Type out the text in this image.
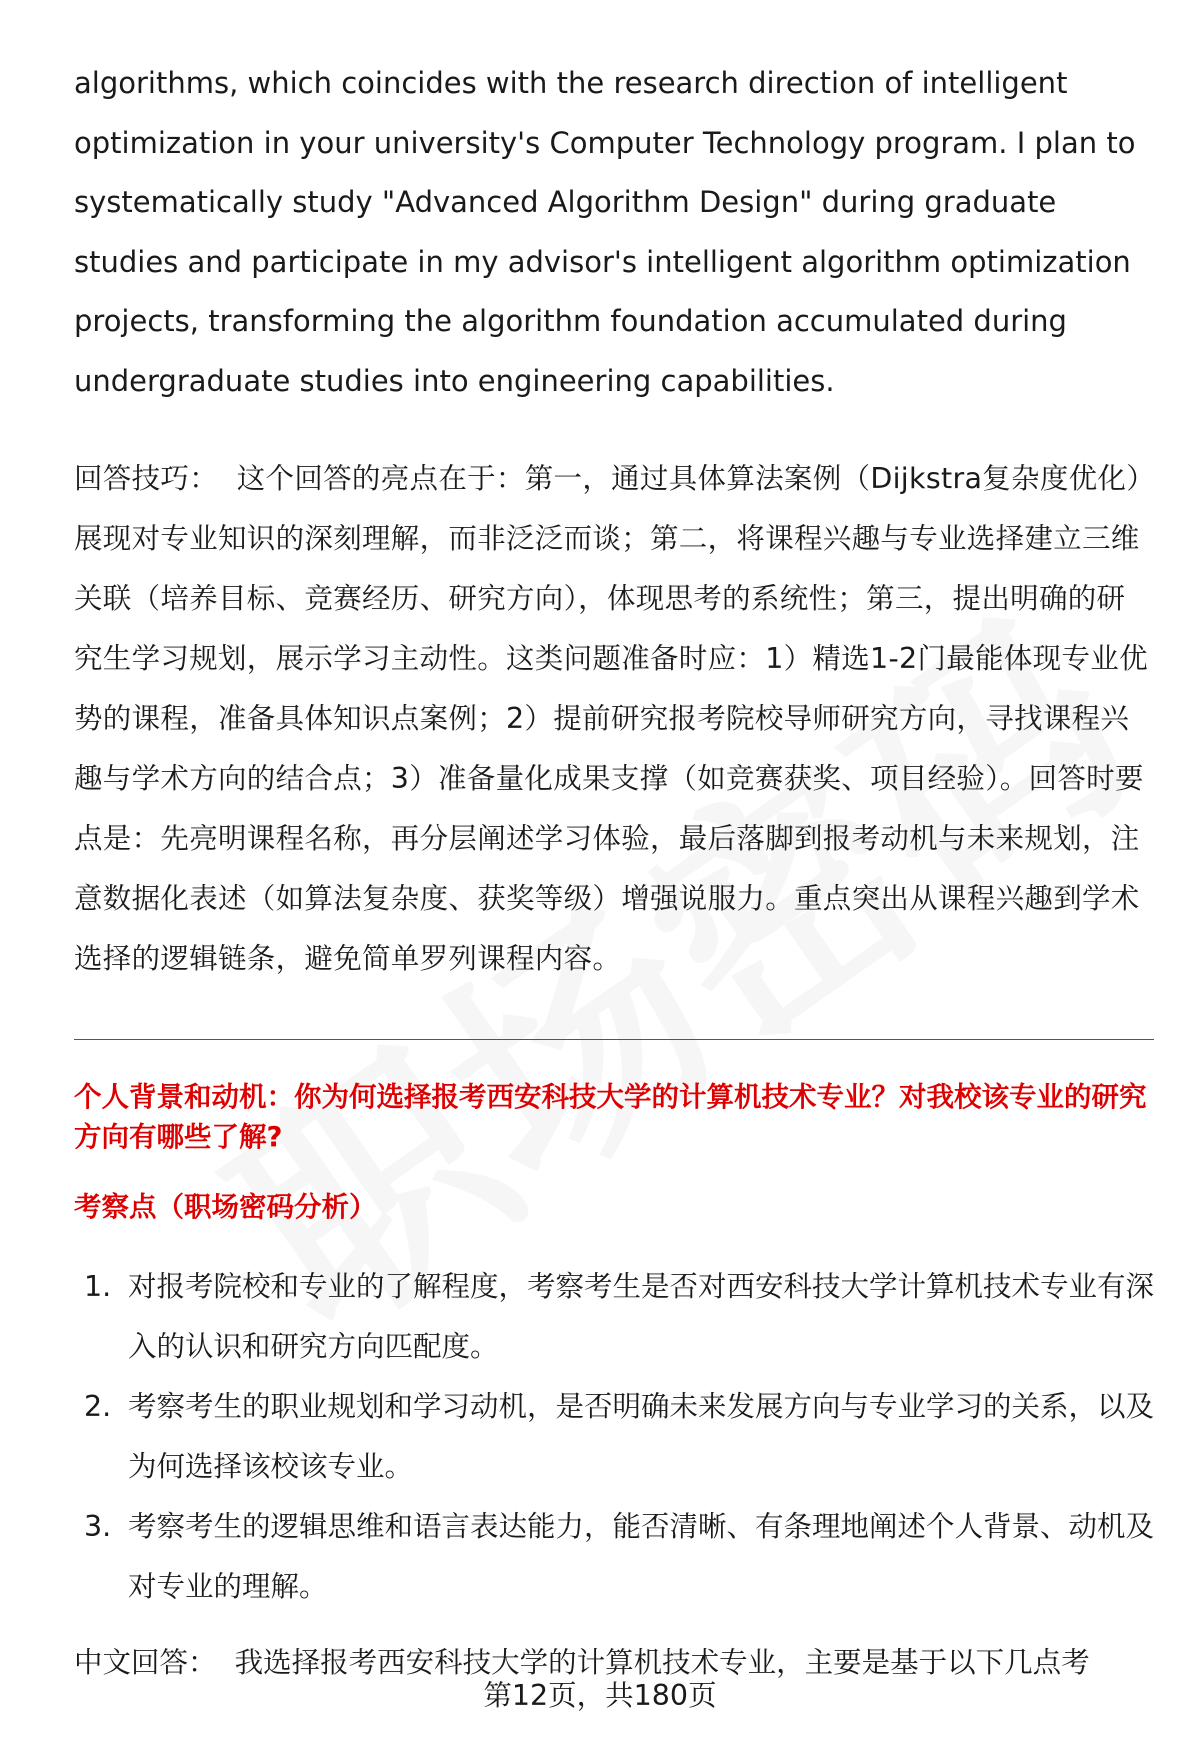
algorithms, which coincides with the research direction of intelligent optimization in your university's Computer Technology program. I plan to systematically study "Advanced Algorithm Design" during graduate studies and participate in my advisor's intelligent algorithm optimization projects, transforming the algorithm foundation accumulated during undergraduate studies into engineering capabilities.

回答技巧： 这个回答的亮点在于：第一，通过具体算法案例（Dijkstra复杂度优化）展现对专业知识的深刻理解，而非泛泛而谈；第二，将课程兴趣与专业选择建立三维关联（培养目标、竞赛经历、研究方向），体现思考的系统性；第三，提出明确的研究生学习规划，展示学习主动性。这类问题准备时应：1）精选1-2门最能体现专业优势的课程，准备具体知识点案例；2）提前研究报考院校导师研究方向，寻找课程兴趣与学术方向的结合点；3）准备量化成果支撑（如竞赛获奖、项目经验）。回答时要点是：先亮明课程名称，再分层阐述学习体验，最后落脚到报考动机与未来规划，注意数据化表述（如算法复杂度、获奖等级）增强说服力。重点突出从课程兴趣到学术选择的逻辑链条，避免简单罗列课程内容。

个人背景和动机：你为何选择报考西安科技大学的计算机技术专业？对我校该专业的研究方向有哪些了解?
考察点（职场密码分析）
1. 对报考院校和专业的了解程度，考察考生是否对西安科技大学计算机技术专业有深入的认识和研究方向匹配度。
2. 考察考生的职业规划和学习动机，是否明确未来发展方向与专业学习的关系，以及为何选择该校该专业。
3. 考察考生的逻辑思维和语言表达能力，能否清晰、有条理地阐述个人背景、动机及对专业的理解。

中文回答： 我选择报考西安科技大学的计算机技术专业，主要是基于以下几点考

第12页，共180页
